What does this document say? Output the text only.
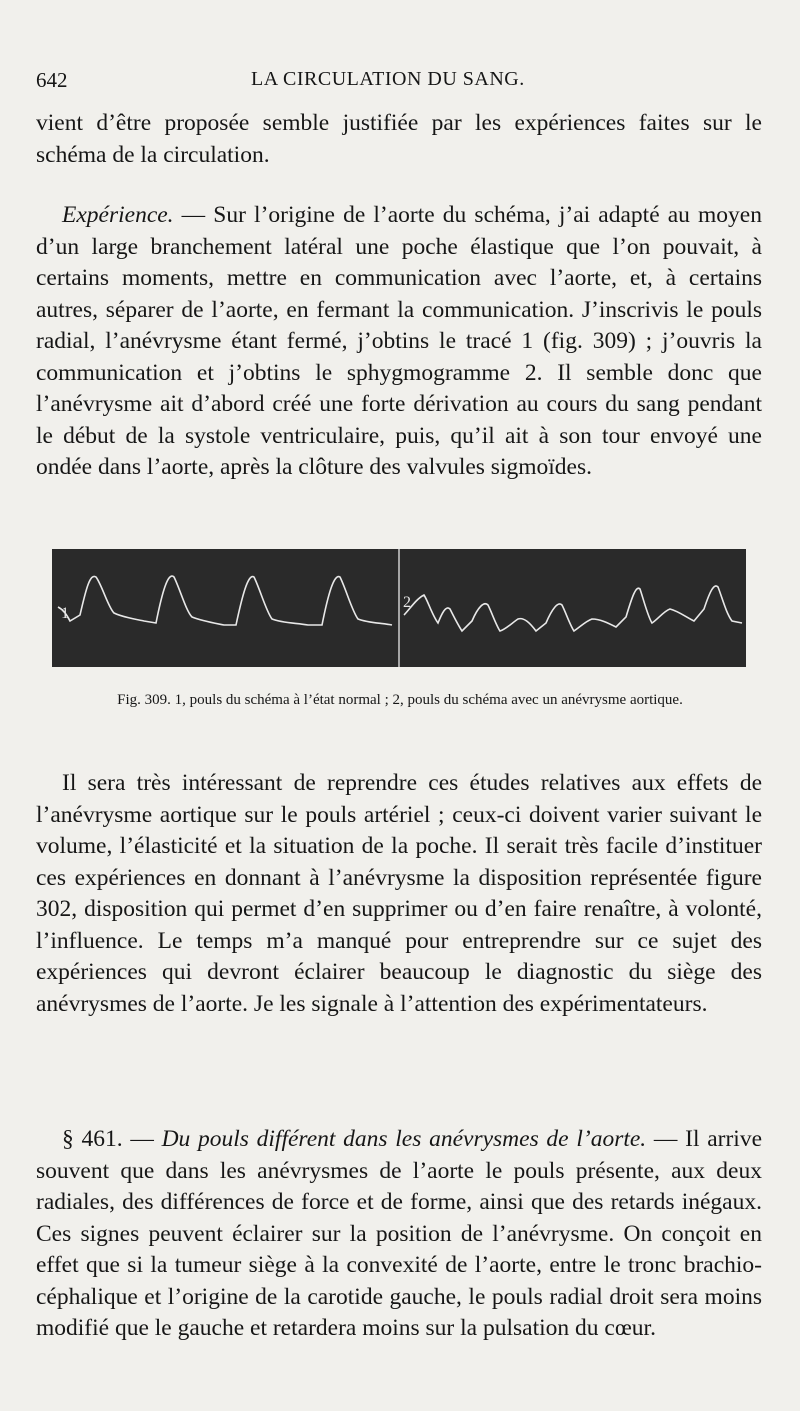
642	LA CIRCULATION DU SANG.

vient d’être proposée semble justifiée par les expériences faites sur le schéma de la circulation.

Expérience. — Sur l’origine de l’aorte du schéma, j’ai adapté au moyen d’un large branchement latéral une poche élastique que l’on pouvait, à certains moments, mettre en communication avec l’aorte, et, à certains autres, séparer de l’aorte, en fermant la communication. J’inscrivis le pouls radial, l’anévrysme étant fermé, j’obtins le tracé 1 (fig. 309) ; j’ouvris la communication et j’obtins le sphygmogramme 2. Il semble donc que l’anévrysme ait d’abord créé une forte dérivation au cours du sang pendant le début de la systole ventriculaire, puis, qu’il ait à son tour envoyé une ondée dans l’aorte, après la clôture des valvules sigmoïdes.

1
2
Fig. 309. 1, pouls du schéma à l’état normal ; 2, pouls du schéma avec un anévrysme aortique.

Il sera très intéressant de reprendre ces études relatives aux effets de l’anévrysme aortique sur le pouls artériel ; ceux-ci doivent varier suivant le volume, l’élasticité et la situation de la poche. Il serait très facile d’instituer ces expériences en donnant à l’anévrysme la disposition représentée figure 302, disposition qui permet d’en supprimer ou d’en faire renaître, à volonté, l’influence. Le temps m’a manqué pour entreprendre sur ce sujet des expériences qui devront éclairer beaucoup le diagnostic du siège des anévrysmes de l’aorte. Je les signale à l’attention des expérimentateurs.

§ 461. — Du pouls différent dans les anévrysmes de l’aorte. — Il arrive souvent que dans les anévrysmes de l’aorte le pouls présente, aux deux radiales, des différences de force et de forme, ainsi que des retards inégaux. Ces signes peuvent éclairer sur la position de l’anévrysme. On conçoit en effet que si la tumeur siège à la convexité de l’aorte, entre le tronc brachio-céphalique et l’origine de la carotide gauche, le pouls radial droit sera moins modifié que le gauche et retardera moins sur la pulsation du cœur.
